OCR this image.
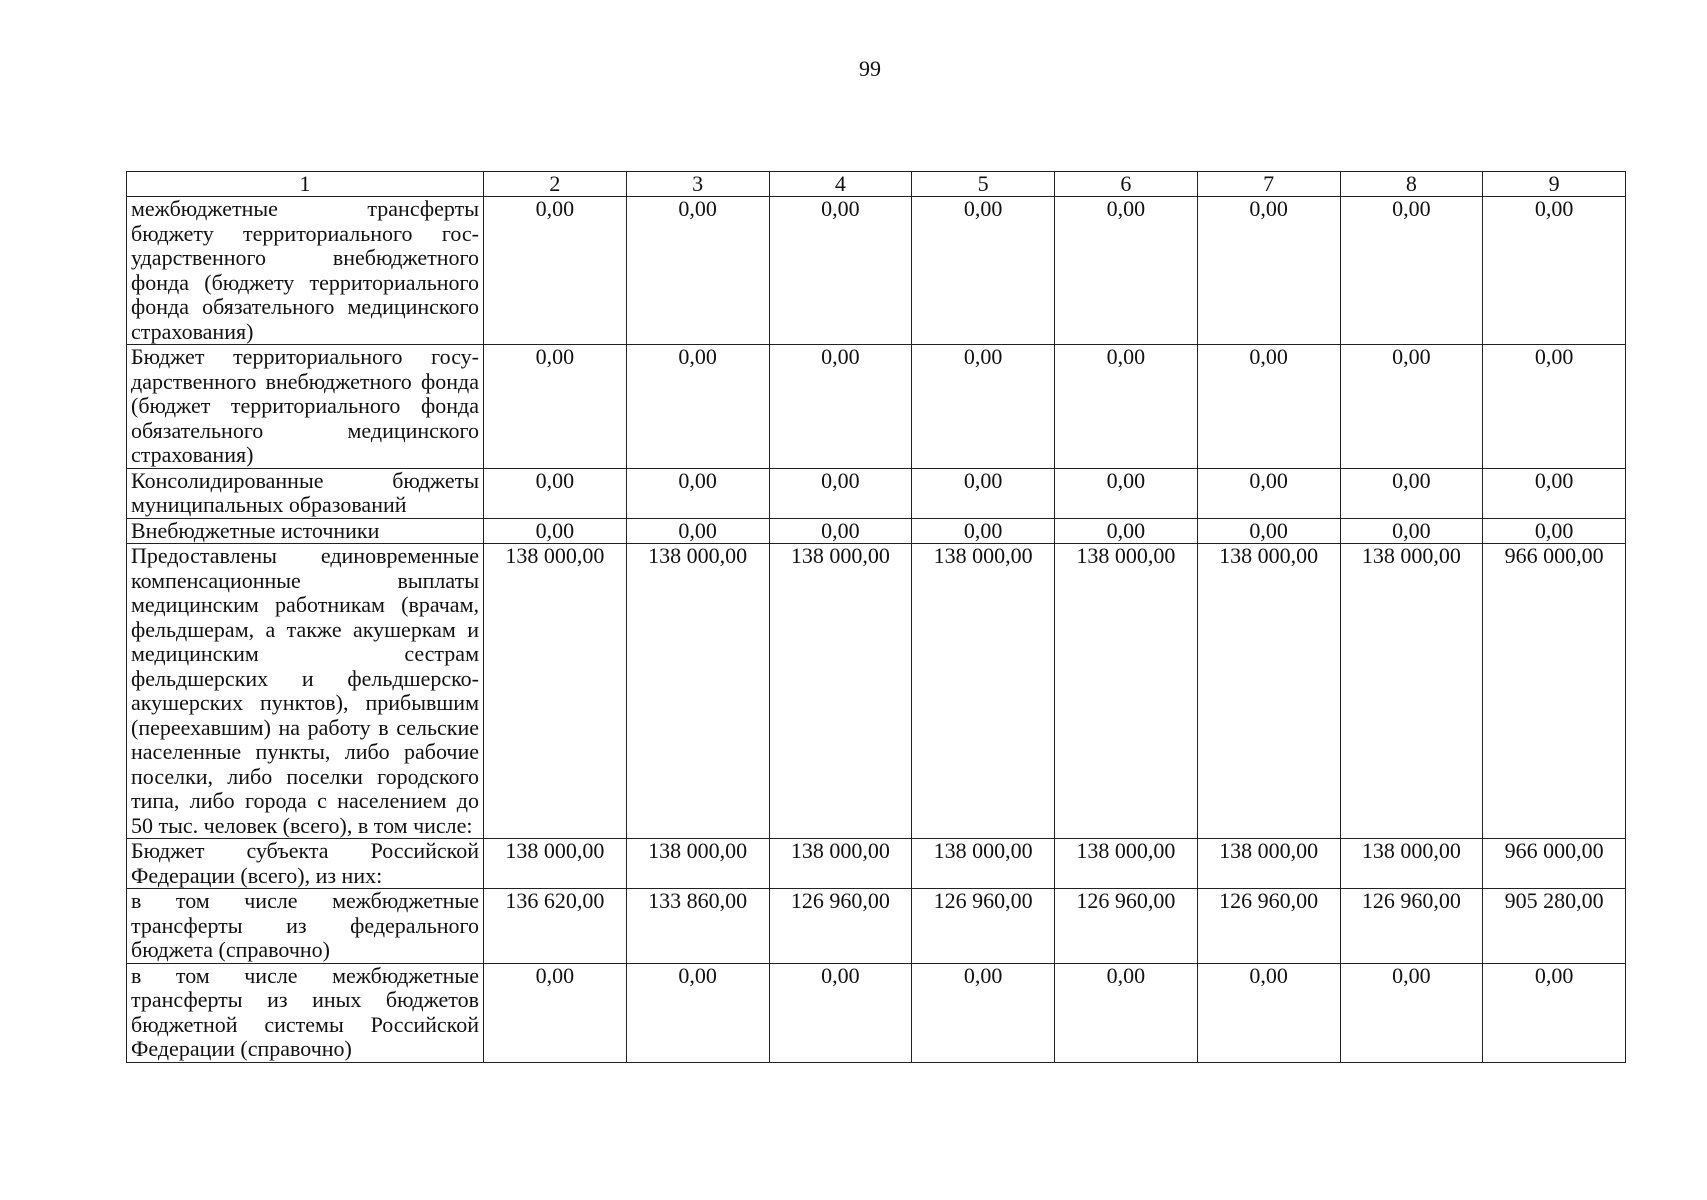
99
1	2	3	4	5	6	7	8	9
межбюджетные трансферты бюджету территориального государственного внебюджетного фонда (бюджету территориального фонда обязательного медицинского страхования)	0,00	0,00	0,00	0,00	0,00	0,00	0,00	0,00
Бюджет территориального государственного внебюджетного фонда (бюджет территориального фонда обязательного медицинского страхования)	0,00	0,00	0,00	0,00	0,00	0,00	0,00	0,00
Консолидированные бюджеты муниципальных образований	0,00	0,00	0,00	0,00	0,00	0,00	0,00	0,00
Внебюджетные источники	0,00	0,00	0,00	0,00	0,00	0,00	0,00	0,00
Предоставлены единовременные компенсационные выплаты медицинским работникам (врачам, фельдшерам, а также акушеркам и медицинским сестрам фельдшерских и фельдшерско-акушерских пунктов), прибывшим (переехавшим) на работу в сельские населенные пункты, либо рабочие поселки, либо поселки городского типа, либо города с населением до 50 тыс. человек (всего), в том числе:	138 000,00	138 000,00	138 000,00	138 000,00	138 000,00	138 000,00	138 000,00	966 000,00
Бюджет субъекта Российской Федерации (всего), из них:	138 000,00	138 000,00	138 000,00	138 000,00	138 000,00	138 000,00	138 000,00	966 000,00
в том числе межбюджетные трансферты из федерального бюджета (справочно)	136 620,00	133 860,00	126 960,00	126 960,00	126 960,00	126 960,00	126 960,00	905 280,00
в том числе межбюджетные трансферты из иных бюджетов бюджетной системы Российской Федерации (справочно)	0,00	0,00	0,00	0,00	0,00	0,00	0,00	0,00
